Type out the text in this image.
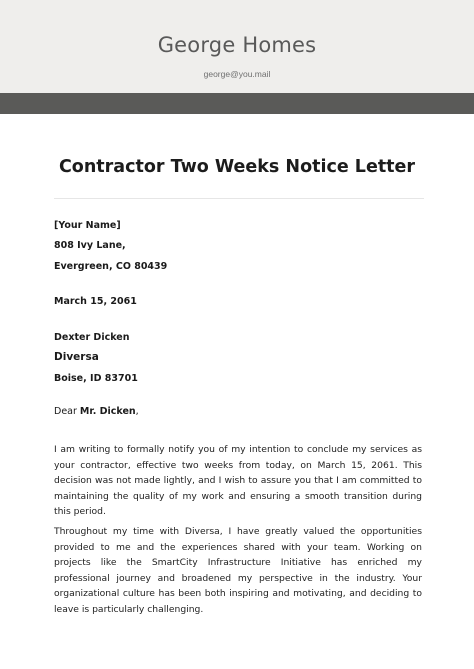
George Homes
george@you.mail
Contractor Two Weeks Notice Letter
[Your Name]
808 Ivy Lane,
Evergreen, CO 80439
March 15, 2061
Dexter Dicken
Diversa
Boise, ID 83701
Dear Mr. Dicken,
I am writing to formally notify you of my intention to conclude my services as your contractor, effective two weeks from today, on March 15, 2061. This decision was not made lightly, and I wish to assure you that I am committed to maintaining the quality of my work and ensuring a smooth transition during this period.
Throughout my time with Diversa, I have greatly valued the opportunities provided to me and the experiences shared with your team. Working on projects like the SmartCity Infrastructure Initiative has enriched my professional journey and broadened my perspective in the industry. Your organizational culture has been both inspiring and motivating, and deciding to leave is particularly challenging.
